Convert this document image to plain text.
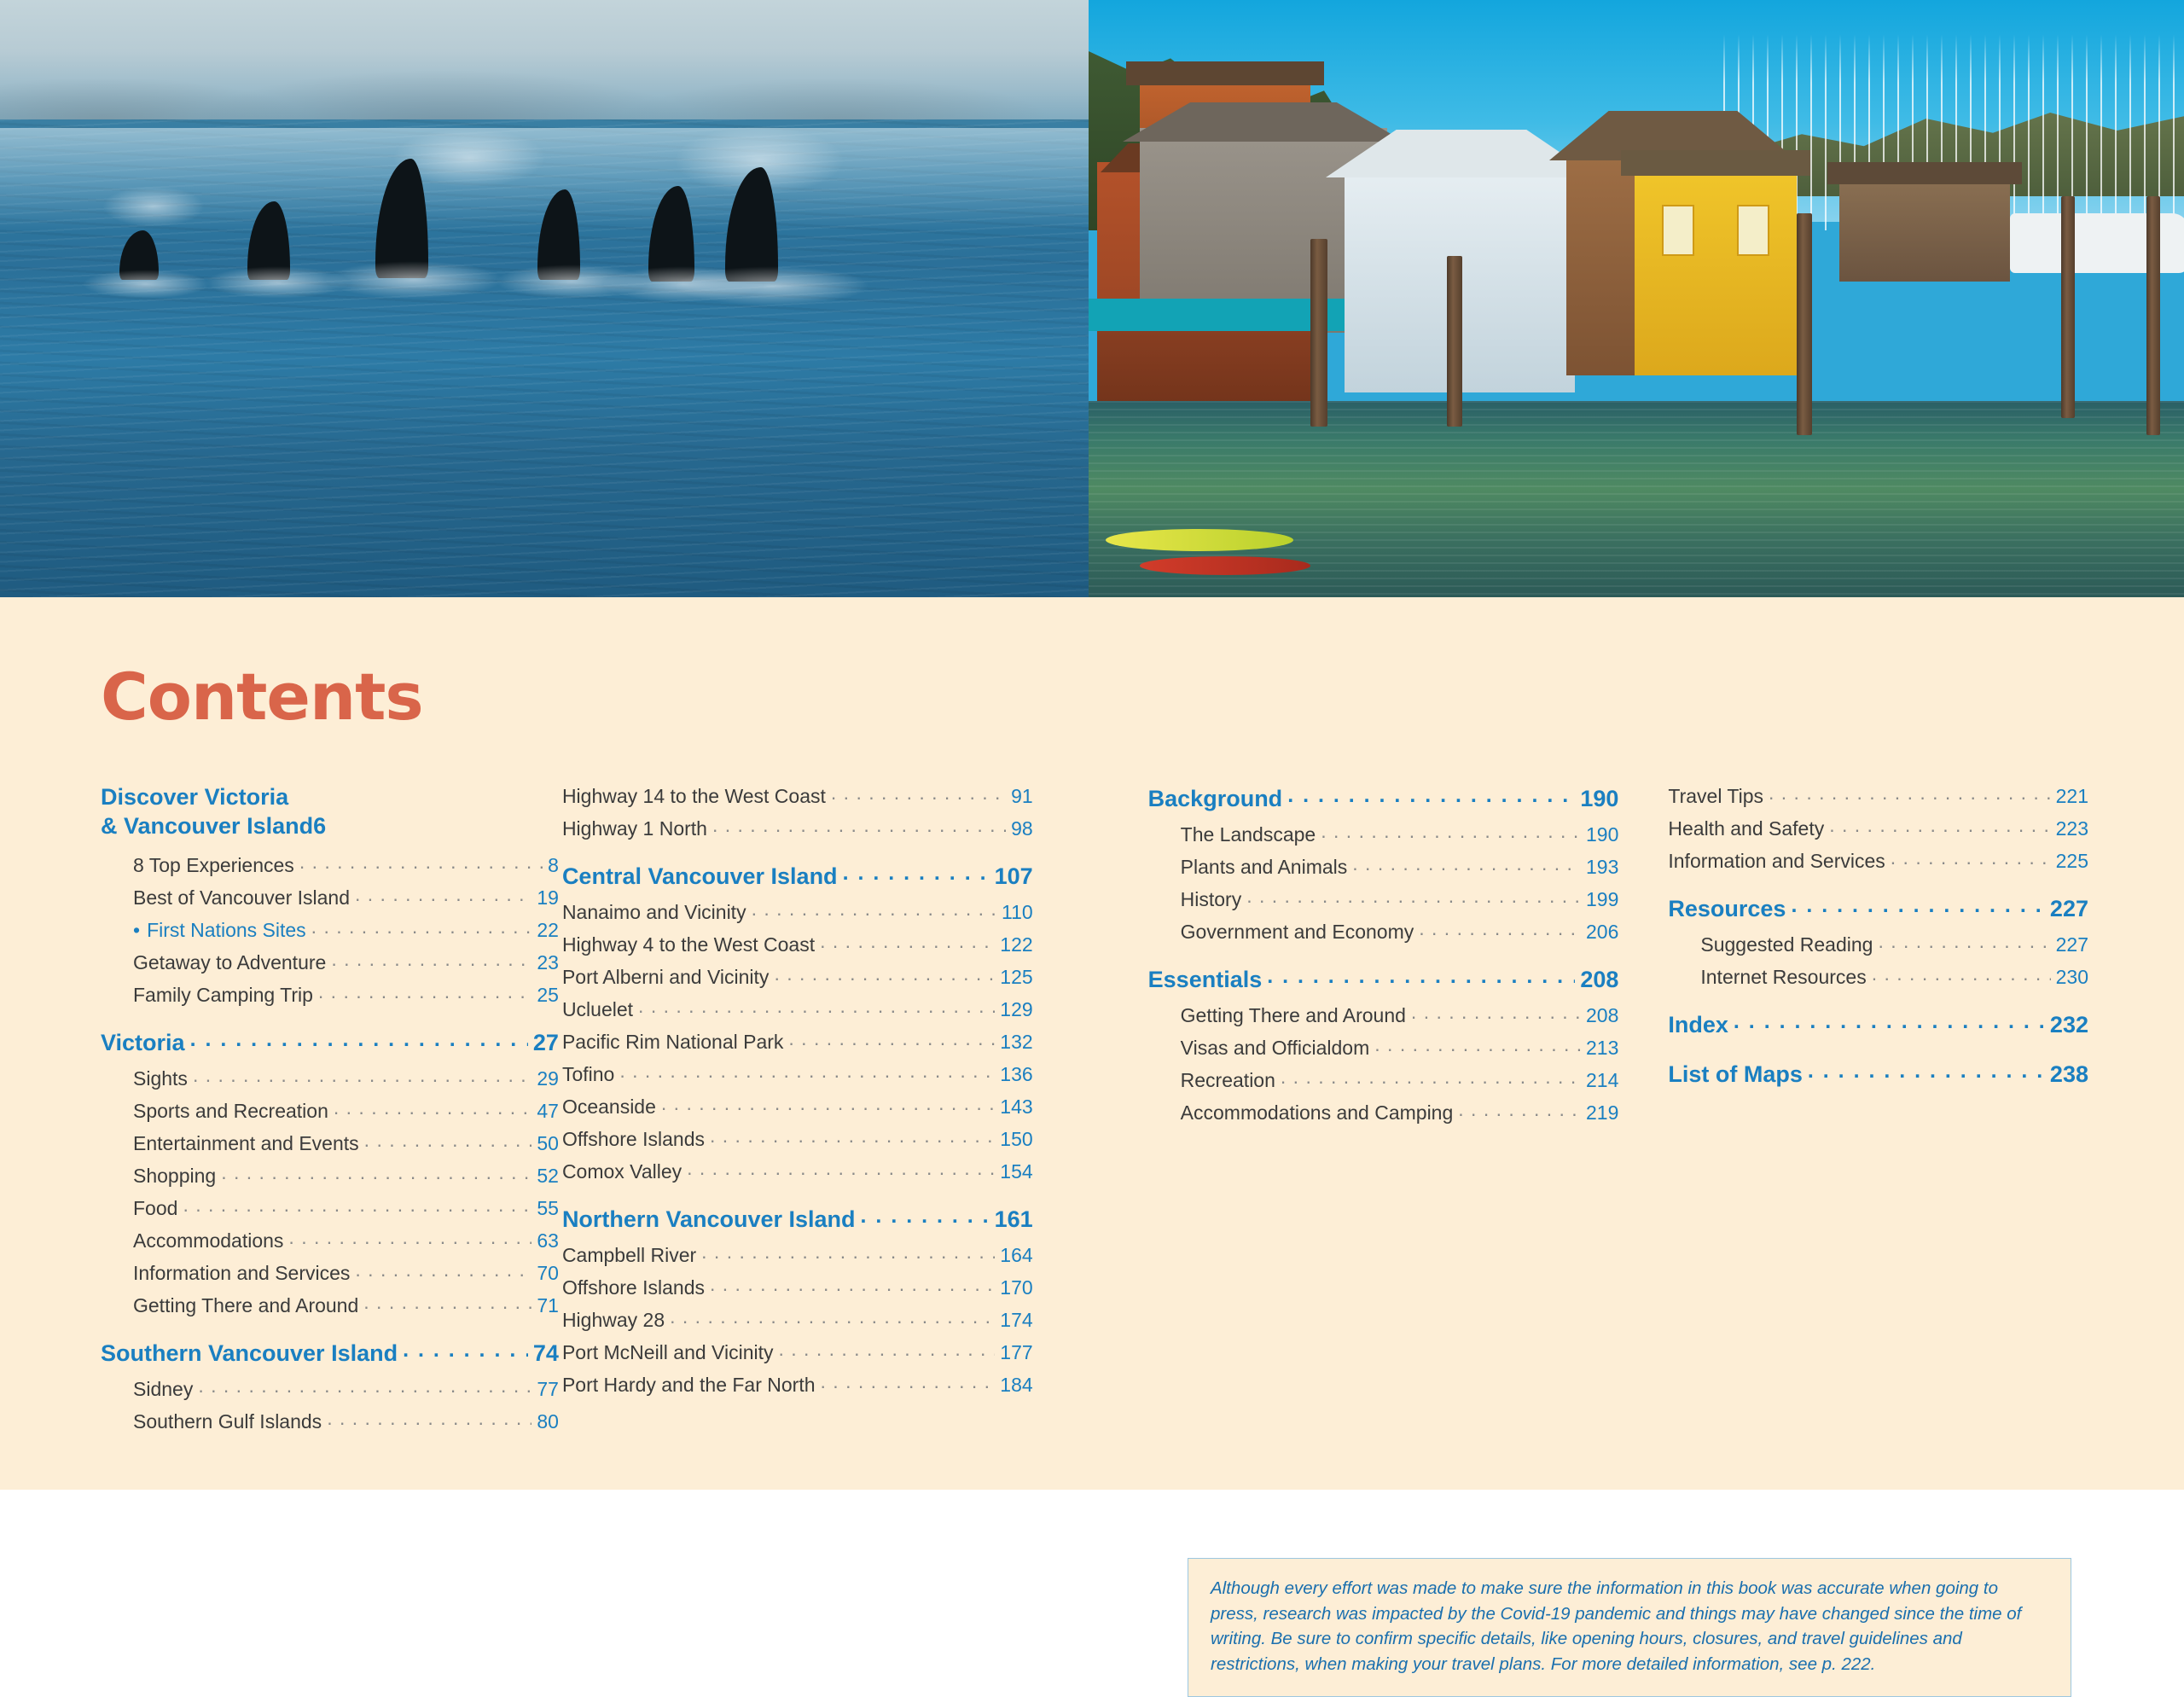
Contents
Discover Victoria
& Vancouver Island 6
8 Top Experiences . . .	8
Best of Vancouver Island . . .	19
• First Nations Sites . . .	22
Getaway to Adventure . . .	23
Family Camping Trip . . .	25
Victoria . . .	27
Sights . . .	29
Sports and Recreation . . .	47
Entertainment and Events . . .	50
Shopping . . .	52
Food . . .	55
Accommodations . . .	63
Information and Services . . .	70
Getting There and Around . . .	71
Southern Vancouver Island . . .	74
Sidney . . .	77
Southern Gulf Islands . . .	80
Highway 14 to the West Coast . . .	91
Highway 1 North . . .	98
Central Vancouver Island . . .	107
Nanaimo and Vicinity . . .	110
Highway 4 to the West Coast . . .	122
Port Alberni and Vicinity . . .	125
Ucluelet . . .	129
Pacific Rim National Park . . .	132
Tofino . . .	136
Oceanside . . .	143
Offshore Islands . . .	150
Comox Valley . . .	154
Northern Vancouver Island . . .	161
Campbell River . . .	164
Offshore Islands . . .	170
Highway 28 . . .	174
Port McNeill and Vicinity . . .	177
Port Hardy and the Far North . . .	184
Background . . .	190
The Landscape . . .	190
Plants and Animals . . .	193
History . . .	199
Government and Economy . . .	206
Essentials . . .	208
Getting There and Around . . .	208
Visas and Officialdom . . .	213
Recreation . . .	214
Accommodations and Camping . . .	219
Travel Tips . . .	221
Health and Safety . . .	223
Information and Services . . .	225
Resources . . .	227
Suggested Reading . . .	227
Internet Resources . . .	230
Index . . .	232
List of Maps . . .	238
Although every effort was made to make sure the information in this book was accurate when going to press, research was impacted by the Covid-19 pandemic and things may have changed since the time of writing. Be sure to confirm specific details, like opening hours, closures, and travel guidelines and restrictions, when making your travel plans. For more detailed information, see p. 222.
